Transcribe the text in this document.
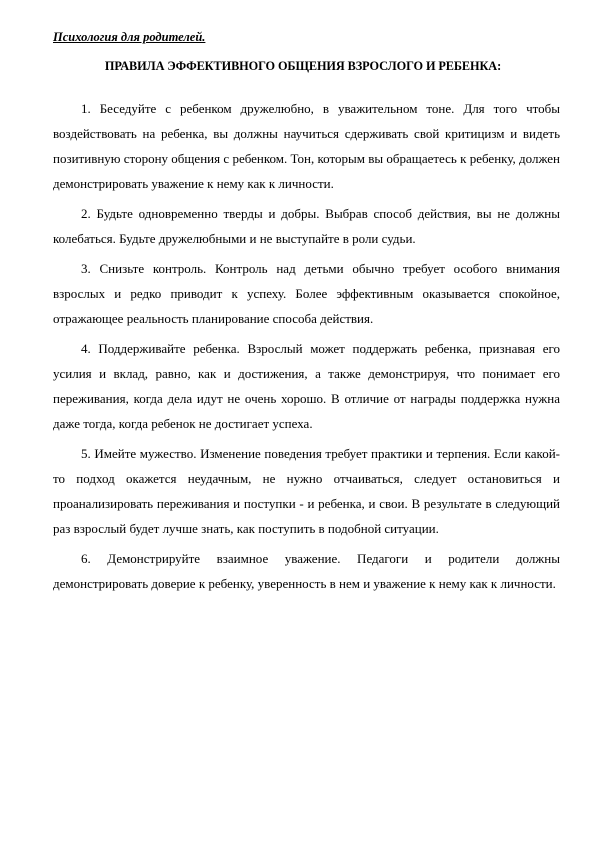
Психология для родителей.
ПРАВИЛА ЭФФЕКТИВНОГО ОБЩЕНИЯ ВЗРОСЛОГО И РЕБЕНКА:

1. Беседуйте с ребенком дружелюбно, в уважительном тоне. Для того чтобы воздействовать на ребенка, вы должны научиться сдерживать свой критицизм и видеть позитивную сторону общения с ребенком. Тон, которым вы обращаетесь к ребенку, должен демонстрировать уважение к нему как к личности.

2. Будьте одновременно тверды и добры. Выбрав способ действия, вы не должны колебаться. Будьте дружелюбными и не выступайте в роли судьи.

3. Снизьте контроль. Контроль над детьми обычно требует особого внимания взрослых и редко приводит к успеху. Более эффективным оказывается спокойное, отражающее реальность планирование способа действия.

4. Поддерживайте ребенка. Взрослый может поддержать ребенка, признавая его усилия и вклад, равно, как и достижения, а также демонстрируя, что понимает его переживания, когда дела идут не очень хорошо. В отличие от награды поддержка нужна даже тогда, когда ребенок не достигает успеха.

5. Имейте мужество. Изменение поведения требует практики и терпения. Если какой-то подход окажется неудачным, не нужно отчаиваться, следует остановиться и проанализировать переживания и поступки - и ребенка, и свои. В результате в следующий раз взрослый будет лучше знать, как поступить в подобной ситуации.

6. Демонстрируйте взаимное уважение. Педагоги и родители должны демонстрировать доверие к ребенку, уверенность в нем и уважение к нему как к личности.
